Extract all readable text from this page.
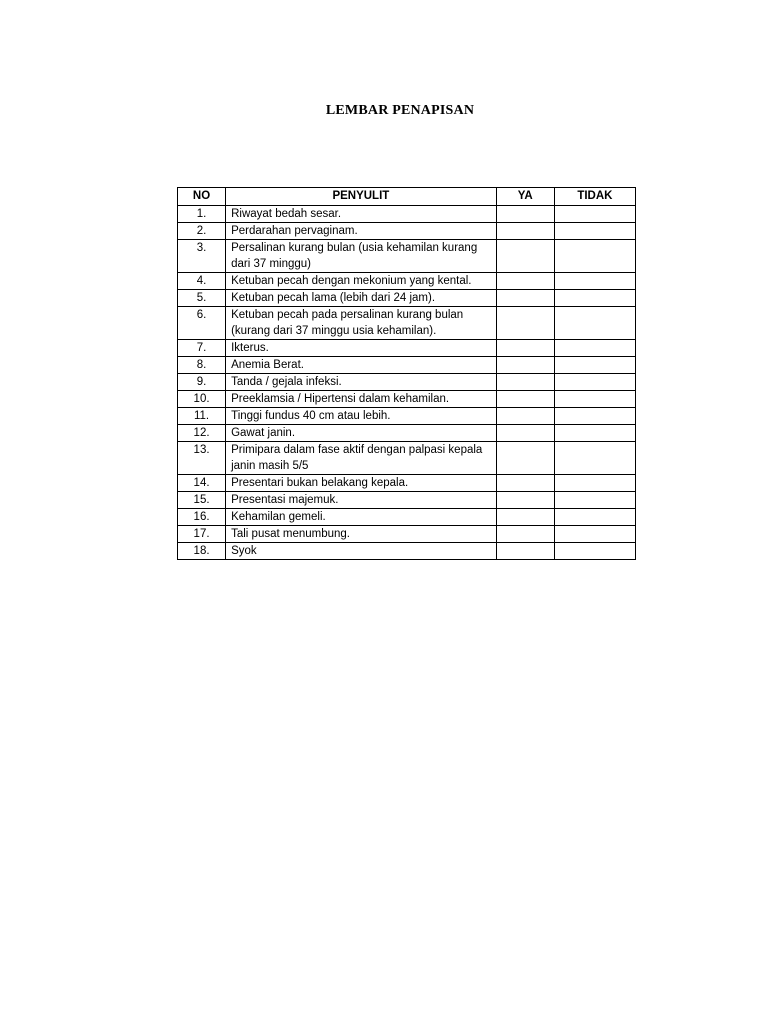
LEMBAR PENAPISAN
NO	PENYULIT	YA	TIDAK
1.	Riwayat bedah sesar.		
2.	Perdarahan pervaginam.		
3.	Persalinan kurang bulan (usia kehamilan kurang dari 37 minggu)		
4.	Ketuban pecah dengan mekonium yang kental.		
5.	Ketuban pecah lama (lebih dari 24 jam).		
6.	Ketuban pecah pada persalinan kurang bulan (kurang dari 37 minggu usia kehamilan).		
7.	Ikterus.		
8.	Anemia Berat.		
9.	Tanda / gejala infeksi.		
10.	Preeklamsia / Hipertensi dalam kehamilan.		
11.	Tinggi fundus 40 cm atau lebih.		
12.	Gawat janin.		
13.	Primipara dalam fase aktif dengan palpasi kepala janin masih 5/5		
14.	Presentari bukan belakang kepala.		
15.	Presentasi majemuk.		
16.	Kehamilan gemeli.		
17.	Tali pusat menumbung.		
18.	Syok		
